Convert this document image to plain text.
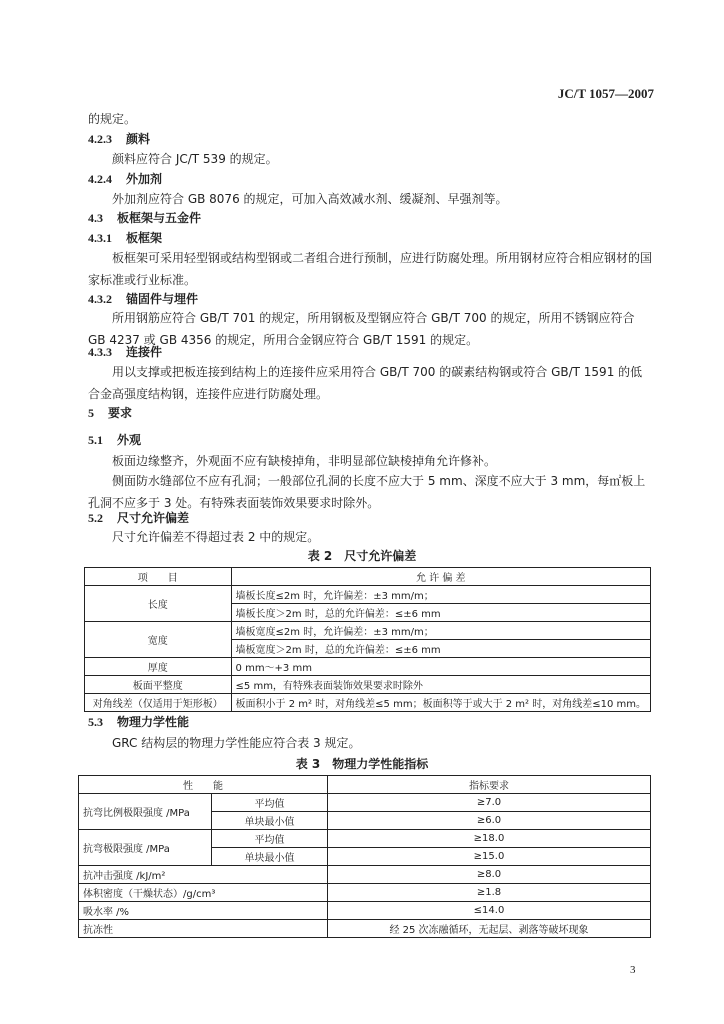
JC/T 1057—2007
的规定。
4.2.3 颜料
颜料应符合 JC/T 539 的规定。
4.2.4 外加剂
外加剂应符合 GB 8076 的规定，可加入高效减水剂、缓凝剂、早强剂等。
4.3 板框架与五金件
4.3.1 板框架
板框架可采用轻型钢或结构型钢或二者组合进行预制，应进行防腐处理。所用钢材应符合相应钢材的国家标准或行业标准。
4.3.2 锚固件与埋件
所用钢筋应符合 GB/T 701 的规定，所用钢板及型钢应符合 GB/T 700 的规定，所用不锈钢应符合 GB 4237 或 GB 4356 的规定，所用合金钢应符合 GB/T 1591 的规定。
4.3.3 连接件
用以支撑或把板连接到结构上的连接件应采用符合 GB/T 700 的碳素结构钢或符合 GB/T 1591 的低合金高强度结构钢，连接件应进行防腐处理。
5 要求
5.1 外观
板面边缘整齐，外观面不应有缺棱掉角，非明显部位缺棱掉角允许修补。
侧面防水缝部位不应有孔洞；一般部位孔洞的长度不应大于 5 mm、深度不应大于 3 mm，每㎡板上孔洞不应多于 3 处。有特殊表面装饰效果要求时除外。
5.2 尺寸允许偏差
尺寸允许偏差不得超过表 2 中的规定。
表 2　尺寸允许偏差
项　　目	允 许 偏 差
长度	墙板长度≤2m 时，允许偏差：±3 mm/m；
	墙板长度＞2m 时，总的允许偏差：≤±6 mm
宽度	墙板宽度≤2m 时，允许偏差：±3 mm/m；
	墙板宽度＞2m 时，总的允许偏差：≤±6 mm
厚度	0 mm～+3 mm
板面平整度	≤5 mm，有特殊表面装饰效果要求时除外
对角线差（仅适用于矩形板）	板面积小于 2 m² 时，对角线差≤5 mm；板面积等于或大于 2 m² 时，对角线差≤10 mm。
5.3 物理力学性能
GRC 结构层的物理力学性能应符合表 3 规定。
表 3　物理力学性能指标
性　　能		指标要求
抗弯比例极限强度 /MPa	平均值	≥7.0
	单块最小值	≥6.0
抗弯极限强度 /MPa	平均值	≥18.0
	单块最小值	≥15.0
抗冲击强度 /kJ/m²		≥8.0
体积密度（干燥状态）/g/cm³		≥1.8
吸水率 /%		≤14.0
抗冻性		经 25 次冻融循环，无起层、剥落等破坏现象
3
